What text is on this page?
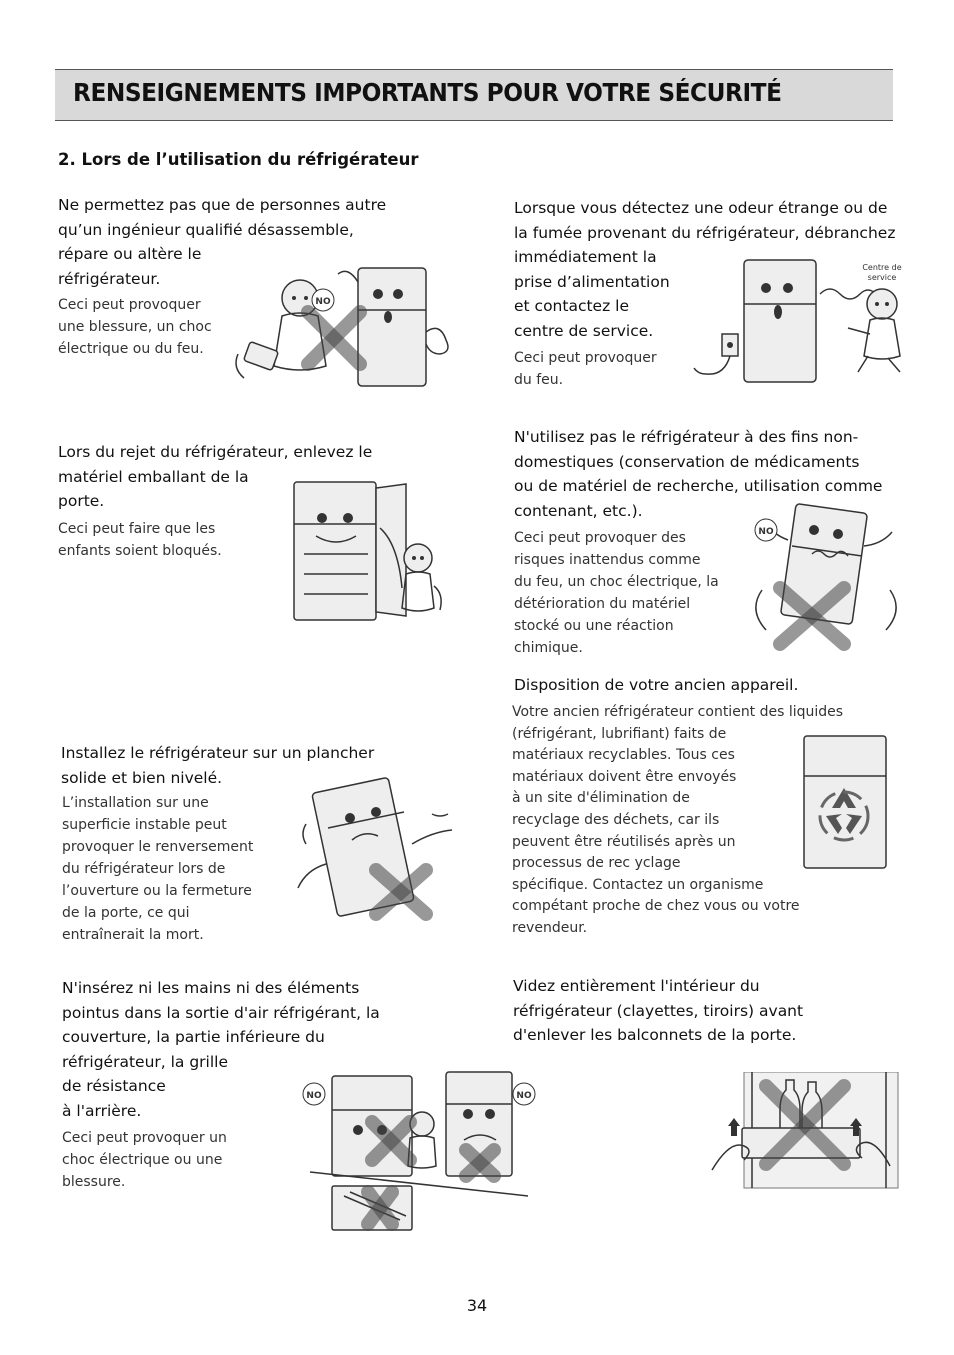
RENSEIGNEMENTS IMPORTANTS POUR VOTRE SÉCURITÉ
2. Lors de l’utilisation du réfrigérateur
Ne permettez pas que de personnes autre
qu’un ingénieur qualifié désassemble,
répare ou altère le
réfrigérateur.
Ceci peut provoquer
une blessure, un choc
électrique ou du feu.
NO
Lorsque vous détectez une odeur étrange ou de
la fumée provenant du réfrigérateur, débranchez
immédiatement la
prise d’alimentation
et contactez le
centre de service.
Ceci peut provoquer
du feu.
Centre de
service
Lors du rejet du réfrigérateur, enlevez le
matériel emballant de la
porte.
Ceci peut faire que les
enfants soient bloqués.
N'utilisez pas le réfrigérateur à des fins non-
domestiques (conservation de médicaments
ou de matériel de recherche, utilisation comme
contenant, etc.).
Ceci peut provoquer des
risques inattendus comme
du feu, un choc électrique, la
détérioration du matériel
stocké ou une réaction
chimique.
NO
Disposition de votre ancien appareil.
Votre ancien réfrigérateur contient des liquides
(réfrigérant, lubrifiant) faits de
matériaux recyclables. Tous ces
matériaux doivent être envoyés
à un site d'élimination de
recyclage des déchets, car ils
peuvent être réutilisés après un
processus de rec yclage
spécifique. Contactez un organisme
compétant proche de chez vous ou votre
revendeur.
Installez le réfrigérateur sur un plancher
solide et bien nivelé.
L’installation sur une
superficie instable peut
provoquer le renversement
du réfrigérateur lors de
l’ouverture ou la fermeture
de la porte, ce qui
entraînerait la mort.
N'insérez ni les mains ni des éléments
pointus dans la sortie d'air réfrigérant, la
couverture, la partie inférieure du
réfrigérateur, la grille
de résistance
à l'arrière.
Ceci peut provoquer un
choc électrique ou une
blessure.
NO	NO
Videz entièrement l'intérieur du
réfrigérateur (clayettes, tiroirs) avant
d'enlever les balconnets de la porte.
34
